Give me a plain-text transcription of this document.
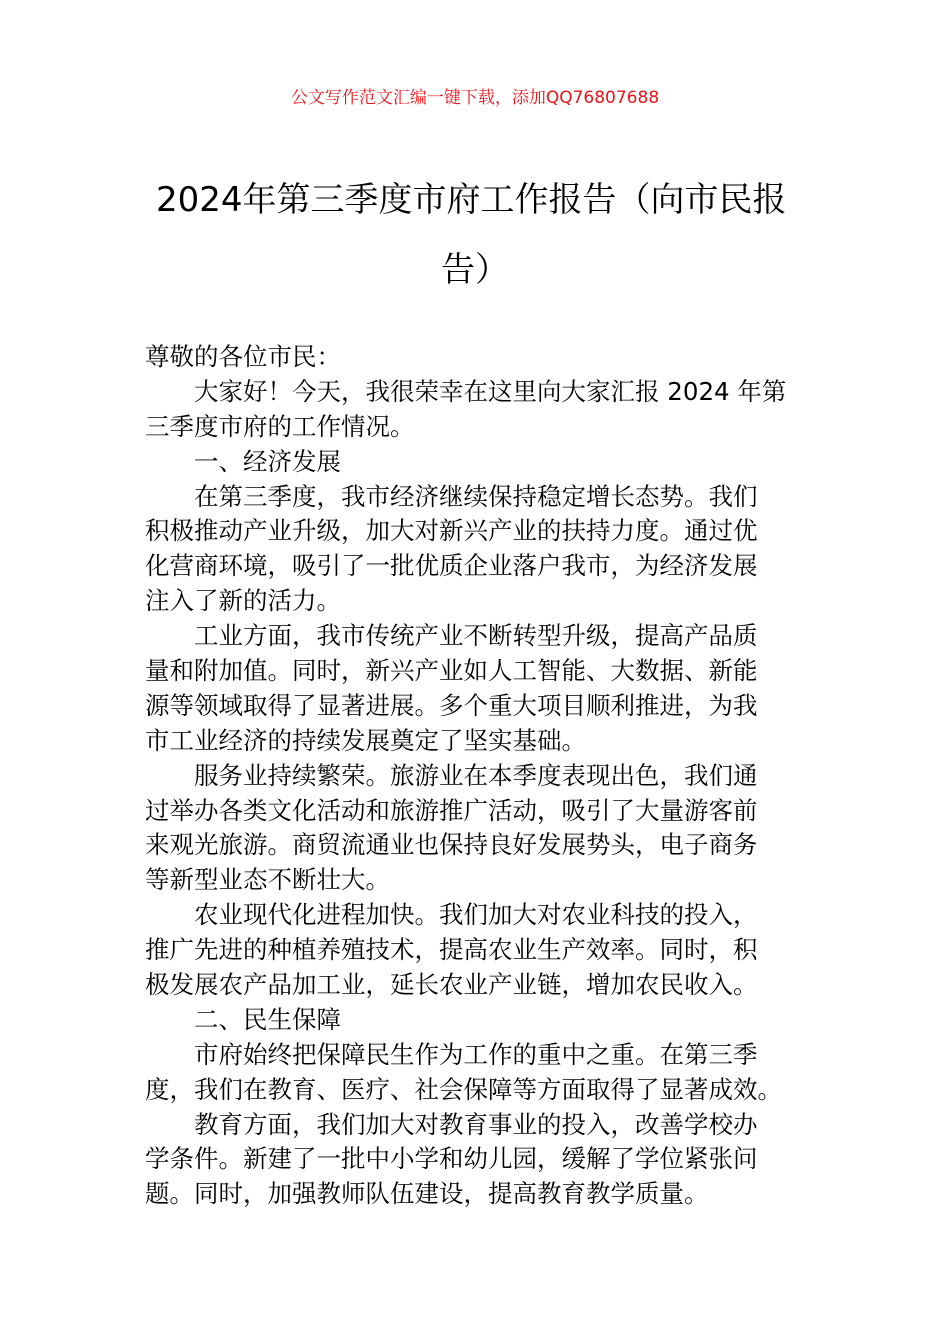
公文写作范文汇编一键下载，添加QQ76807688
2024年第三季度市府工作报告（向市民报
告）
尊敬的各位市民：
大家好！今天，我很荣幸在这里向大家汇报 2024 年第
三季度市府的工作情况。
一、经济发展
在第三季度，我市经济继续保持稳定增长态势。我们
积极推动产业升级，加大对新兴产业的扶持力度。通过优
化营商环境，吸引了一批优质企业落户我市，为经济发展
注入了新的活力。
工业方面，我市传统产业不断转型升级，提高产品质
量和附加值。同时，新兴产业如人工智能、大数据、新能
源等领域取得了显著进展。多个重大项目顺利推进，为我
市工业经济的持续发展奠定了坚实基础。
服务业持续繁荣。旅游业在本季度表现出色，我们通
过举办各类文化活动和旅游推广活动，吸引了大量游客前
来观光旅游。商贸流通业也保持良好发展势头，电子商务
等新型业态不断壮大。
农业现代化进程加快。我们加大对农业科技的投入，
推广先进的种植养殖技术，提高农业生产效率。同时，积
极发展农产品加工业，延长农业产业链，增加农民收入。
二、民生保障
市府始终把保障民生作为工作的重中之重。在第三季
度，我们在教育、医疗、社会保障等方面取得了显著成效。
教育方面，我们加大对教育事业的投入，改善学校办
学条件。新建了一批中小学和幼儿园，缓解了学位紧张问
题。同时，加强教师队伍建设，提高教育教学质量。
